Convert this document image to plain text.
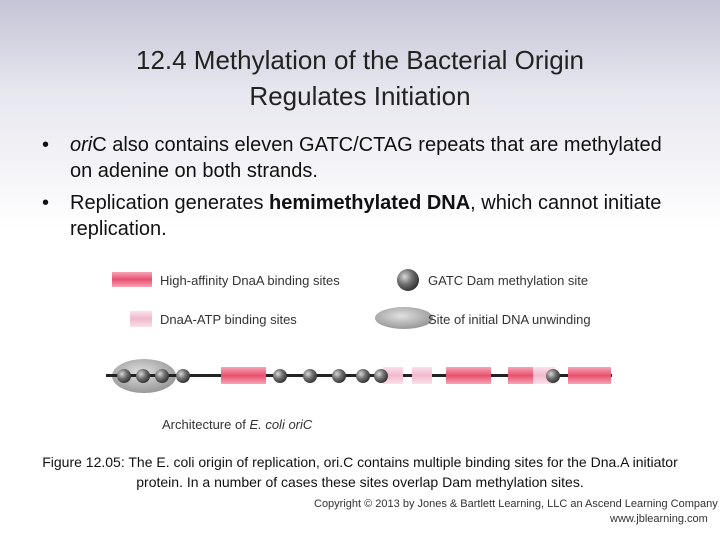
12.4 Methylation of the Bacterial Origin
Regulates Initiation
• oriC also contains eleven GATC/CTAG repeats that are methylated on adenine on both strands.
• Replication generates hemimethylated DNA, which cannot initiate replication.
High-affinity DnaA binding sites
DnaA-ATP binding sites
GATC Dam methylation site
Site of initial DNA unwinding
Architecture of E. coli oriC
Figure 12.05: The E. coli origin of replication, ori.C contains multiple binding sites for the Dna.A initiator protein. In a number of cases these sites overlap Dam methylation sites.
Copyright © 2013 by Jones & Bartlett Learning, LLC an Ascend Learning Company
www.jblearning.com
